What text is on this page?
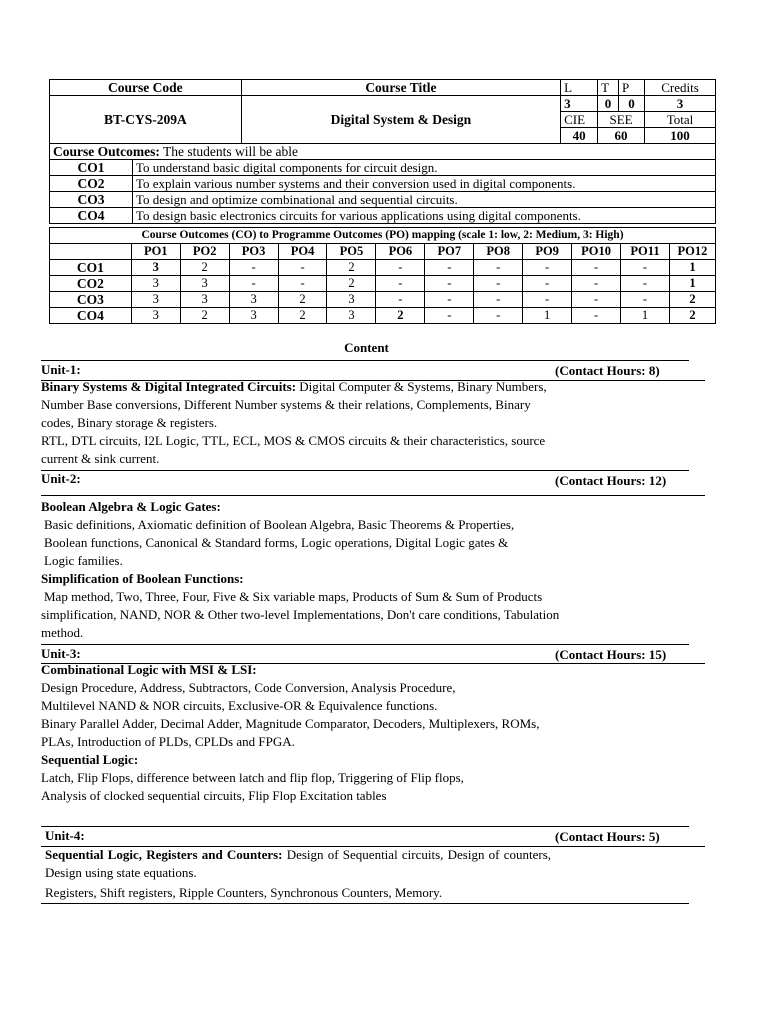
Course Code	Course Title	L	T	P	Credits
BT-CYS-209A	Digital System & Design	3	0	0	3
		CIE	SEE		Total
		40	60		100
Course Outcomes: The students will be able	
CO1	To understand basic digital components for circuit design.
CO2	To explain various number systems and their conversion used in digital components.
CO3	To design and optimize combinational and sequential circuits.
CO4	To design basic electronics circuits for various applications using digital components.
Course Outcomes (CO) to Programme Outcomes (PO) mapping (scale 1: low, 2: Medium, 3: High)												
	PO1	PO2	PO3	PO4	PO5	PO6	PO7	PO8	PO9	PO10	PO11	PO12
CO1	3	2	-	-	2	-	-	-	-	-	-	1
CO2	3	3	-	-	2	-	-	-	-	-	-	1
CO3	3	3	3	2	3	-	-	-	-	-	-	2
CO4	3	2	3	2	3	2	-	-	1	-	1	2
Content
Unit-1:	(Contact Hours: 8)

Binary Systems & Digital Integrated Circuits: Digital Computer & Systems, Binary Numbers, Number Base conversions, Different Number systems & their relations, Complements, Binary codes, Binary storage & registers.

RTL, DTL circuits, I2L Logic, TTL, ECL, MOS & CMOS circuits & their characteristics, source current & sink current.

Unit-2:	(Contact Hours: 12)

Boolean Algebra & Logic Gates:

Basic definitions, Axiomatic definition of Boolean Algebra, Basic Theorems & Properties, Boolean functions, Canonical & Standard forms, Logic operations, Digital Logic gates & Logic families.

Simplification of Boolean Functions:

Map method, Two, Three, Four, Five & Six variable maps, Products of Sum & Sum of Products simplification, NAND, NOR & Other two-level Implementations, Don't care conditions, Tabulation method.

Unit-3:	(Contact Hours: 15)

Combinational Logic with MSI & LSI:

Design Procedure, Address, Subtractors, Code Conversion, Analysis Procedure, Multilevel NAND & NOR circuits, Exclusive-OR & Equivalence functions.

Binary Parallel Adder, Decimal Adder, Magnitude Comparator, Decoders, Multiplexers, ROMs, PLAs, Introduction of PLDs, CPLDs and FPGA.

Sequential Logic:

Latch, Flip Flops, difference between latch and flip flop, Triggering of Flip flops, Analysis of clocked sequential circuits, Flip Flop Excitation tables

Unit-4:	(Contact Hours: 5)

Sequential Logic, Registers and Counters: Design of Sequential circuits, Design of counters, Design using state equations.

Registers, Shift registers, Ripple Counters, Synchronous Counters, Memory.
